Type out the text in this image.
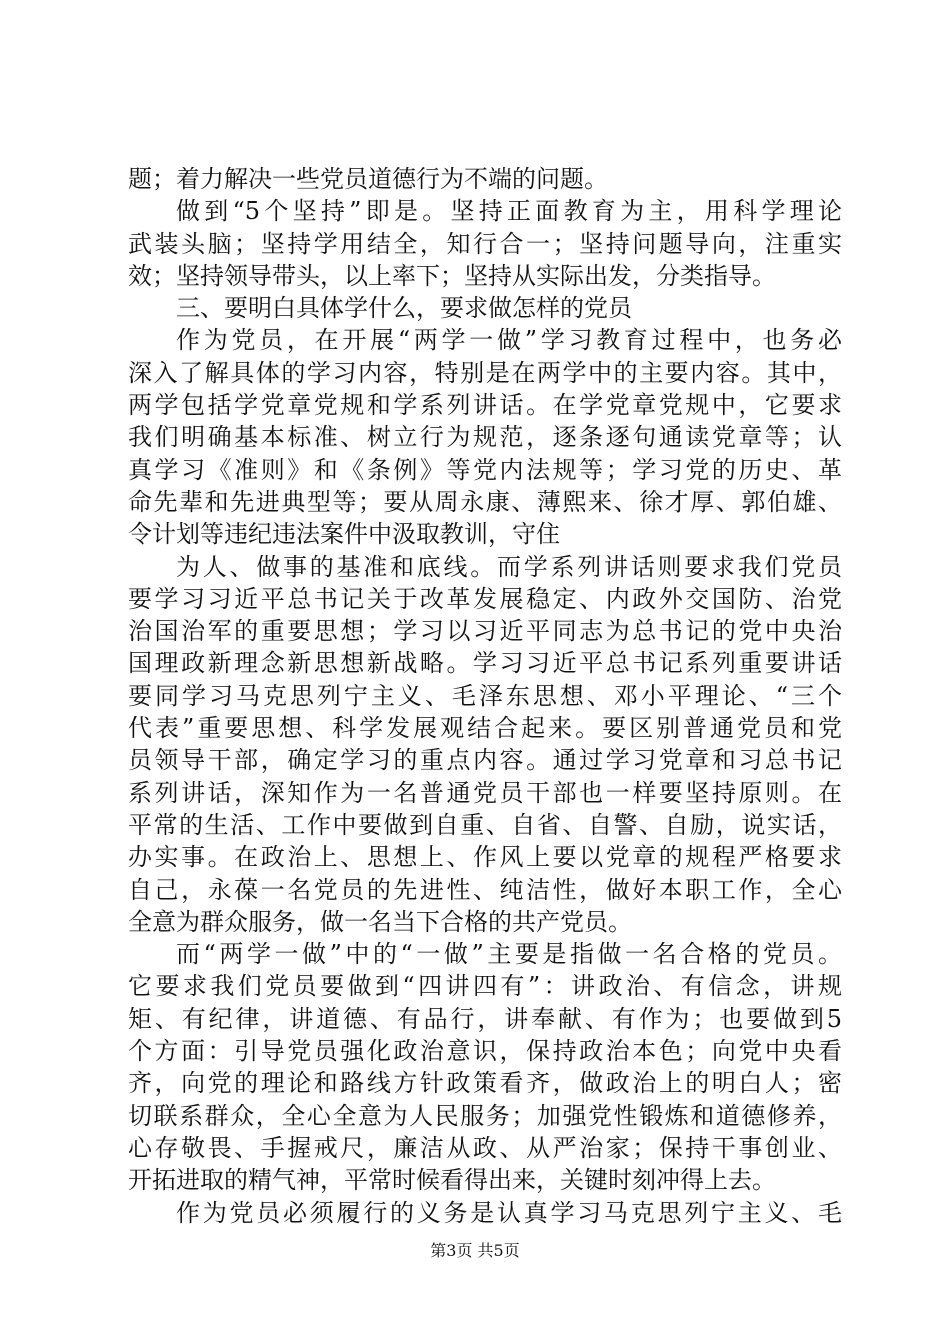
题；着力解决一些党员道德行为不端的问题。
做到“5个坚持”即是。坚持正面教育为主，用科学理论
武装头脑；坚持学用结全，知行合一；坚持问题导向，注重实
效；坚持领导带头，以上率下；坚持从实际出发，分类指导。
三、要明白具体学什么，要求做怎样的党员
作为党员，在开展“两学一做”学习教育过程中，也务必
深入了解具体的学习内容，特别是在两学中的主要内容。其中，
两学包括学党章党规和学系列讲话。在学党章党规中，它要求
我们明确基本标准、树立行为规范，逐条逐句通读党章等；认
真学习《准则》和《条例》等党内法规等；学习党的历史、革
命先辈和先进典型等；要从周永康、薄熙来、徐才厚、郭伯雄、
令计划等违纪违法案件中汲取教训，守住
为人、做事的基准和底线。而学系列讲话则要求我们党员
要学习习近平总书记关于改革发展稳定、内政外交国防、治党
治国治军的重要思想；学习以习近平同志为总书记的党中央治
国理政新理念新思想新战略。学习习近平总书记系列重要讲话
要同学习马克思列宁主义、毛泽东思想、邓小平理论、“三个
代表”重要思想、科学发展观结合起来。要区别普通党员和党
员领导干部，确定学习的重点内容。通过学习党章和习总书记
系列讲话，深知作为一名普通党员干部也一样要坚持原则。在
平常的生活、工作中要做到自重、自省、自警、自励，说实话，
办实事。在政治上、思想上、作风上要以党章的规程严格要求
自己，永葆一名党员的先进性、纯洁性，做好本职工作，全心
全意为群众服务，做一名当下合格的共产党员。
而“两学一做”中的“一做”主要是指做一名合格的党员。
它要求我们党员要做到“四讲四有”：讲政治、有信念，讲规
矩、有纪律，讲道德、有品行，讲奉献、有作为；也要做到5
个方面：引导党员强化政治意识，保持政治本色；向党中央看
齐，向党的理论和路线方针政策看齐，做政治上的明白人；密
切联系群众，全心全意为人民服务；加强党性锻炼和道德修养，
心存敬畏、手握戒尺，廉洁从政、从严治家；保持干事创业、
开拓进取的精气神，平常时候看得出来，关键时刻冲得上去。
作为党员必须履行的义务是认真学习马克思列宁主义、毛
第3页 共5页
